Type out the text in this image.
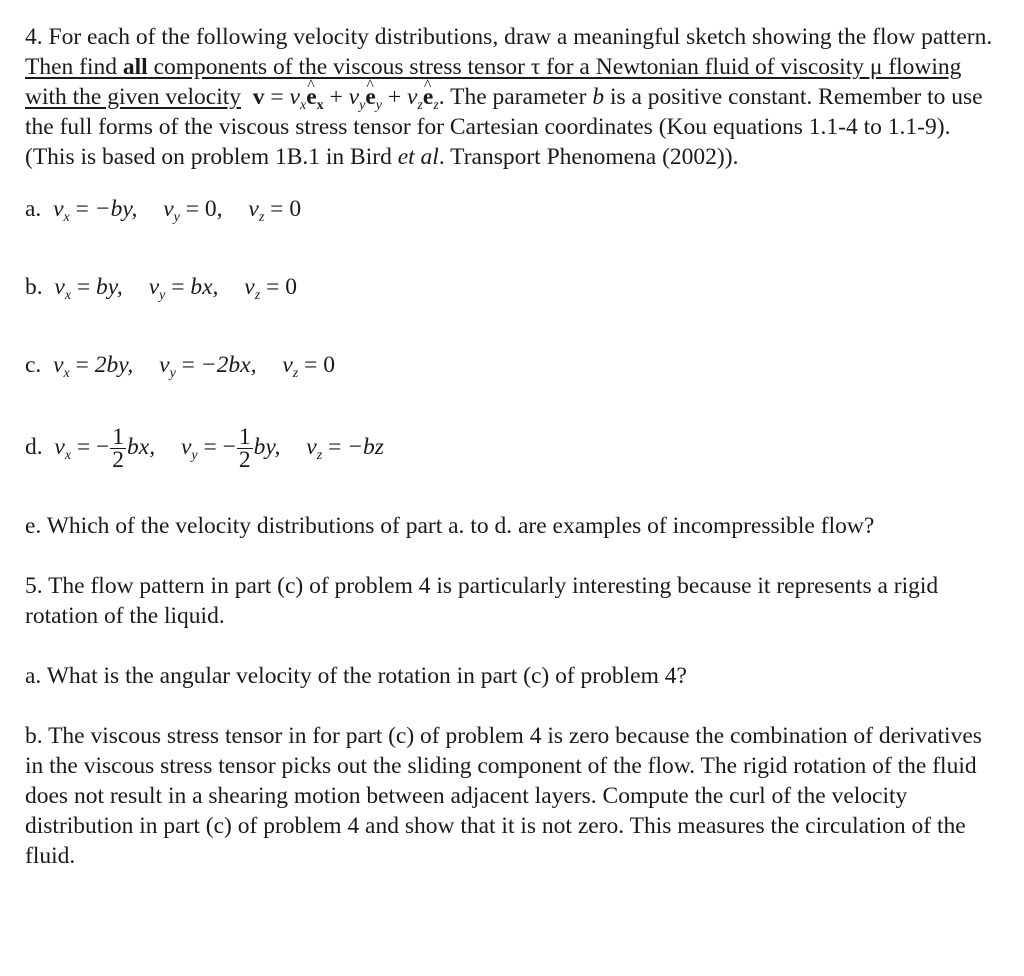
4. For each of the following velocity distributions, draw a meaningful sketch showing the flow pattern. Then find all components of the viscous stress tensor τ for a Newtonian fluid of viscosity μ flowing with the given velocity $v = v_x\^{}$ $e_x$ + $v_y\^{}$ $e_y$ + $v_z\^{}$ $e_z$. The parameter b is a positive constant. Remember to use the full forms of the viscous stress tensor for Cartesian coordinates (Kou equations 1.1-4 to 1.1-9). (This is based on problem 1B.1 in Bird et al. Transport Phenomena (2002)).

a. $v_x = -by$, $v_y = 0$, $v_z = 0$

b. $v_x$ = by, $v_y$ = bx, $v_z = 0$

c. $v_x = 2by$, $v_y = -2bx$, $v_z = 0$

d. $v_x$ = − $\frac{1}{2}$ bx, $v_y$ = − $\frac{1}{2}$ by, $v_z = -bz$

e. Which of the velocity distributions of part a. to d. are examples of incompressible flow?

5. The flow pattern in part (c) of problem 4 is particularly interesting because it represents a rigid rotation of the liquid.

a. What is the angular velocity of the rotation in part (c) of problem 4?

b. The viscous stress tensor in for part (c) of problem 4 is zero because the combination of derivatives in the viscous stress tensor picks out the sliding component of the flow. The rigid rotation of the fluid does not result in a shearing motion between adjacent layers. Compute the curl of the velocity distribution in part (c) of problem 4 and show that it is not zero. This measures the circulation of the fluid.
